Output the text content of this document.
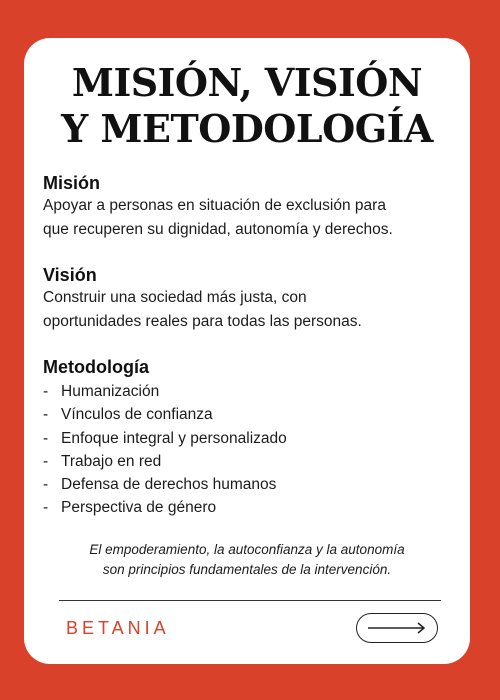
MISIÓN, VISIÓN
Y METODOLOGÍA

Misión

Apoyar a personas en situación de exclusión para

que recuperen su dignidad, autonomía y derechos.

Visión

Construir una sociedad más justa, con

oportunidades reales para todas las personas.

Metodología

- Humanización
- Vínculos de confianza
- Enfoque integral y personalizado
- Trabajo en red
- Defensa de derechos humanos
- Perspectiva de género
El empoderamiento, la autoconfianza y la autonomía
son principios fundamentales de la intervención.
BETANIA
